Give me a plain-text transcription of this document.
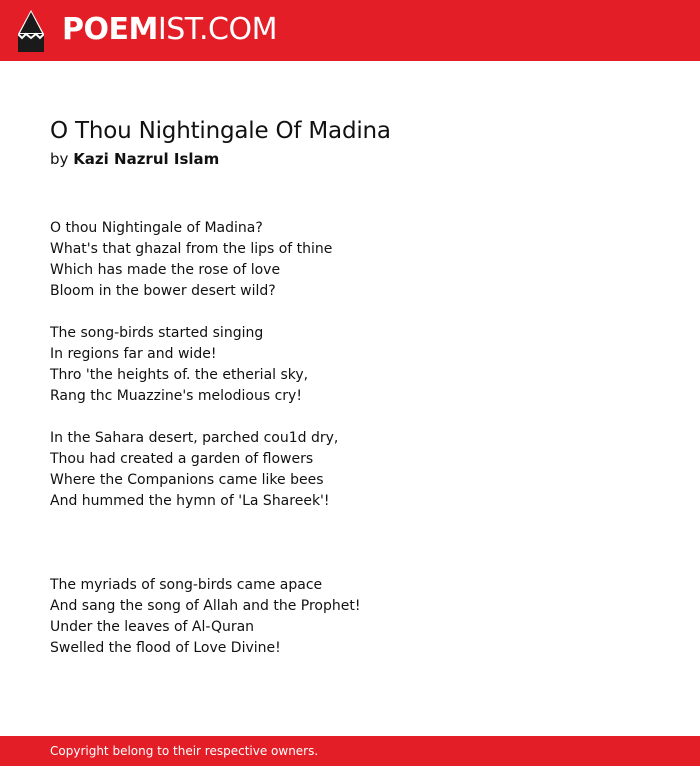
POEMIST.COM
O Thou Nightingale Of Madina

by Kazi Nazrul Islam

O thou Nightingale of Madina?
What's that ghazal from the lips of thine
Which has made the rose of love
Bloom in the bower desert wild?

The song-birds started singing
In regions far and wide!
Thro 'the heights of. the etherial sky,
Rang thc Muazzine's melodious cry!

In the Sahara desert, parched cou1d dry,
Thou had created a garden of flowers
Where the Companions came like bees
And hummed the hymn of 'La Shareek'!

The myriads of song-birds came apace
And sang the song of Allah and the Prophet!
Under the leaves of Al-Quran
Swelled the flood of Love Divine!

Copyright belong to their respective owners.
